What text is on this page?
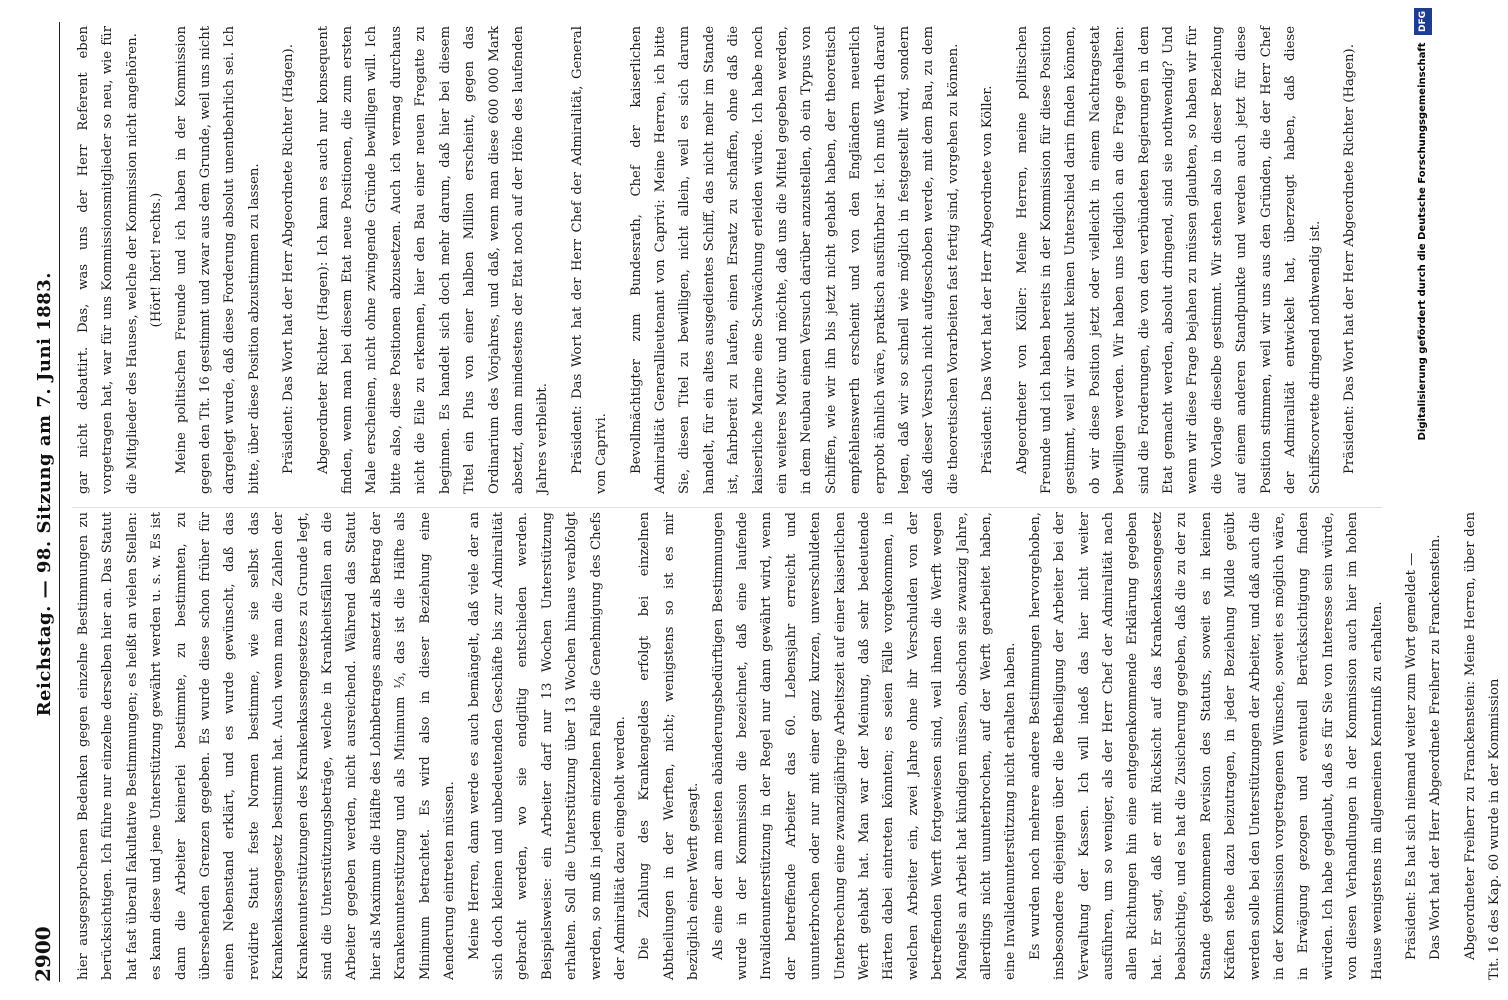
2900
Reichstag. — 98. Sitzung am 7. Juni 1883.

hier ausgesprochenen Bedenken gegen einzelne Bestimmungen zu berücksichtigen. Ich führe nur einzelne derselben hier an. Das Statut hat fast überall fakultative Bestimmungen; es heißt an vielen Stellen: es kann diese und jene Unterstützung gewährt werden u. s. w. Es ist dann die Arbeiter keinerlei bestimmte, zu bestimmten, zu übersehenden Grenzen gegeben. Es wurde diese schon früher für einen Nebenstand erklärt, und es wurde gewünscht, daß das revidirte Statut feste Normen bestimme, wie sie selbst das Krankenkassengesetz bestimmt hat. Auch wenn man die Zahlen der Krankenunterstützungen des Krankenkassengesetzes zu Grunde legt, sind die Unterstützungsbeträge, welche in Krankheitsfällen an die Arbeiter gegeben werden, nicht ausreichend. Während das Statut hier als Maximum die Hälfte des Lohnbetrages ansetzt als Betrag der Krankenunterstützung und als Minimum ⅓, das ist die Hälfte als Minimum betrachtet. Es wird also in dieser Beziehung eine Aenderung eintreten müssen. Meine Herren, dann werde es auch bemängelt, daß viele der an sich doch kleinen und unbedeutenden Geschäfte bis zur Admiralität gebracht werden, wo sie endgiltig entschieden werden. Beispielsweise: ein Arbeiter darf nur 13 Wochen Unterstützung erhalten. Soll die Unterstützung über 13 Wochen hinaus verabfolgt werden, so muß in jedem einzelnen Falle die Genehmigung des Chefs der Admiralität dazu eingeholt werden. Die Zahlung des Krankengeldes erfolgt bei einzelnen Abtheilungen in der Werften, nicht; wenigstens so ist es mir bezüglich einer Werft gesagt. Als eine der am meisten abänderungsbedürftigen Bestimmungen wurde in der Kommission die bezeichnet, daß eine laufende Invalidenunterstützung in der Regel nur dann gewährt wird, wenn der betreffende Arbeiter das 60. Lebensjahr erreicht und ununterbrochen oder nur mit einer ganz kurzen, unverschuldeten Unterbrechung eine zwanzigjährige Arbeitszeit auf einer kaiserlichen Werft gehabt hat. Man war der Meinung, daß sehr bedeutende Härten dabei eintreten könnten; es seien Fälle vorgekommen, in welchen Arbeiter ein, zwei Jahre ohne ihr Verschulden von der betreffenden Werft fortgewiesen sind, weil ihnen die Werft wegen Mangels an Arbeit hat kündigen müssen, obschon sie zwanzig Jahre, allerdings nicht ununterbrochen, auf der Werft gearbeitet haben, eine Invalidenunterstützung nicht erhalten haben. Es wurden noch mehrere andere Bestimmungen hervorgehoben, insbesondere diejenigen über die Betheiligung der Arbeiter bei der Verwaltung der Kassen. Ich will indeß das hier nicht weiter ausführen, um so weniger, als der Herr Chef der Admiralität nach allen Richtungen hin eine entgegenkommende Erklärung gegeben hat. Er sagt, daß er mit Rücksicht auf das Krankenkassengesetz beabsichtige, und es hat die Zusicherung gegeben, daß die zu der zu Stande gekommenen Revision des Statuts, soweit es in keinen Kräften stehe dazu beizutragen, in jeder Beziehung Milde geübt werden solle bei den Unterstützungen der Arbeiter, und daß auch die in der Kommission vorgetragenen Wünsche, soweit es möglich wäre, in Erwägung gezogen und eventuell Berücksichtigung finden würden. Ich habe geglaubt, daß es für Sie von Interesse sein würde, von diesen Verhandlungen in der Kommission auch hier im hohen Hause wenigstens im allgemeinen Kenntniß zu erhalten.	Präsident: Es hat sich niemand weiter zum Wort gemeldet — Das Wort hat der Herr Abgeordnete Freiherr zu Franckenstein.	Abgeordneter Freiherr zu Franckenstein: Meine Herren, über den Tit. 16 des Kap. 60 wurde in der Kommission

gar nicht debattirt. Das, was uns der Herr Referent eben vorgetragen hat, war für uns Kommissionsmitglieder so neu, wie für die Mitglieder des Hauses, welche der Kommission nicht angehören. (Hört! hört! rechts.) Meine politischen Freunde und ich haben in der Kommission gegen den Tit. 16 gestimmt und zwar aus dem Grunde, weil uns nicht dargelegt wurde, daß diese Forderung absolut unentbehrlich sei. Ich bitte, über diese Position abzustimmen zu lassen.	Präsident: Das Wort hat der Herr Abgeordnete Richter (Hagen).	Abgeordneter Richter (Hagen): Ich kann es auch nur konsequent finden, wenn man bei diesem Etat neue Positionen, die zum ersten Male erscheinen, nicht ohne zwingende Gründe bewilligen will. Ich bitte also, diese Positionen abzusetzen. Auch ich vermag durchaus nicht die Eile zu erkennen, hier den Bau einer neuen Fregatte zu beginnen. Es handelt sich doch mehr darum, daß hier bei diesem Titel ein Plus von einer halben Million erscheint, gegen das Ordinarium des Vorjahres, und daß, wenn man diese 600 000 Mark absetzt, dann mindestens der Etat noch auf der Höhe des laufenden Jahres verbleibt.	Präsident: Das Wort hat der Herr Chef der Admiralität, General von Caprivi.	Bevollmächtigter zum Bundesrath, Chef der kaiserlichen Admiralität Generallieutenant von Caprivi: Meine Herren, ich bitte Sie, diesen Titel zu bewilligen, nicht allein, weil es sich darum handelt, für ein altes ausgedientes Schiff, das nicht mehr im Stande ist, fahrbereit zu laufen, einen Ersatz zu schaffen, ohne daß die kaiserliche Marine eine Schwächung erleiden würde. Ich habe noch ein weiteres Motiv und möchte, daß uns die Mittel gegeben werden, in dem Neubau einen Versuch darüber anzustellen, ob ein Typus von Schiffen, wie wir ihn bis jetzt nicht gehabt haben, der theoretisch empfehlenswerth erscheint und von den Engländern neuerlich erprobt ähnlich wäre, praktisch ausführbar ist. Ich muß Werth darauf legen, daß wir so schnell wie möglich in festgestellt wird, sondern daß dieser Versuch nicht aufgeschoben werde, mit dem Bau, zu dem die theoretischen Vorarbeiten fast fertig sind, vorgehen zu können.	Präsident: Das Wort hat der Herr Abgeordnete von Köller.	Abgeordneter von Köller: Meine Herren, meine politischen Freunde und ich haben bereits in der Kommission für diese Position gestimmt, weil wir absolut keinen Unterschied darin finden können, ob wir diese Position jetzt oder vielleicht in einem Nachtragsetat bewilligen werden. Wir haben uns lediglich an die Frage gehalten: sind die Forderungen, die von den verbündeten Regierungen in dem Etat gemacht werden, absolut dringend, sind sie nothwendig? Und wenn wir diese Frage bejahen zu müssen glaubten, so haben wir für die Vorlage dieselbe gestimmt. Wir stehen also in dieser Beziehung auf einem anderen Standpunkte und werden auch jetzt für diese Position stimmen, weil wir uns aus den Gründen, die der Herr Chef der Admiralität entwickelt hat, überzeugt haben, daß diese Schiffscorvette dringend nothwendig ist.	Präsident: Das Wort hat der Herr Abgeordnete Richter (Hagen).	Digitalisierung gefördert durch die Deutsche Forschungsgemeinschaft DFG
